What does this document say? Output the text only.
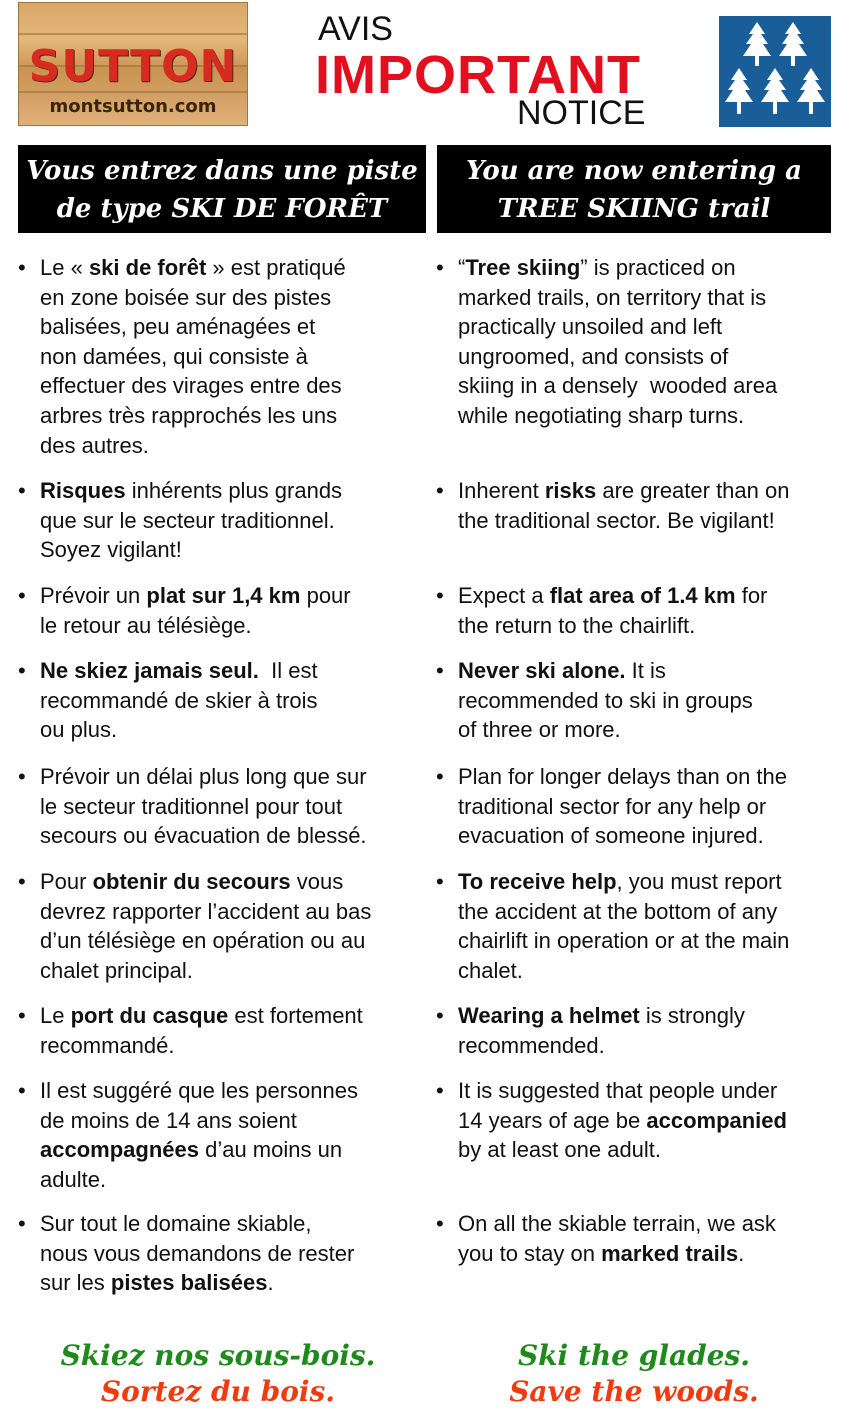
SUTTON
montsutton.com
AVIS
IMPORTANT
NOTICE
Vous entrez dans une piste
de type SKI DE FORÊT
You are now entering a
TREE SKIING trail
• Le « ski de forêt » est pratiqué
en zone boisée sur des pistes
balisées, peu aménagées et
non damées, qui consiste à
effectuer des virages entre des
arbres très rapprochés les uns
des autres.
• Risques inhérents plus grands
que sur le secteur traditionnel.
Soyez vigilant!
• Prévoir un plat sur 1,4 km pour
le retour au télésiège.
• Ne skiez jamais seul.  Il est
recommandé de skier à trois
ou plus.
• Prévoir un délai plus long que sur
le secteur traditionnel pour tout
secours ou évacuation de blessé.
• Pour obtenir du secours vous
devrez rapporter l’accident au bas
d’un télésiège en opération ou au
chalet principal.
• Le port du casque est fortement
recommandé.
• Il est suggéré que les personnes
de moins de 14 ans soient
accompagnées d’au moins un
adulte.
• Sur tout le domaine skiable,
nous vous demandons de rester
sur les pistes balisées.
• “Tree skiing” is practiced on
marked trails, on territory that is
practically unsoiled and left
ungroomed, and consists of
skiing in a densely  wooded area
while negotiating sharp turns.
• Inherent risks are greater than on
the traditional sector. Be vigilant!
• Expect a flat area of 1.4 km for
the return to the chairlift.
• Never ski alone. It is
recommended to ski in groups
of three or more.
• Plan for longer delays than on the
traditional sector for any help or
evacuation of someone injured.
• To receive help, you must report
the accident at the bottom of any
chairlift in operation or at the main
chalet.
• Wearing a helmet is strongly
recommended.
• It is suggested that people under
14 years of age be accompanied
by at least one adult.
• On all the skiable terrain, we ask
you to stay on marked trails.
Skiez nos sous-bois.
Sortez du bois.
Ski the glades.
Save the woods.
